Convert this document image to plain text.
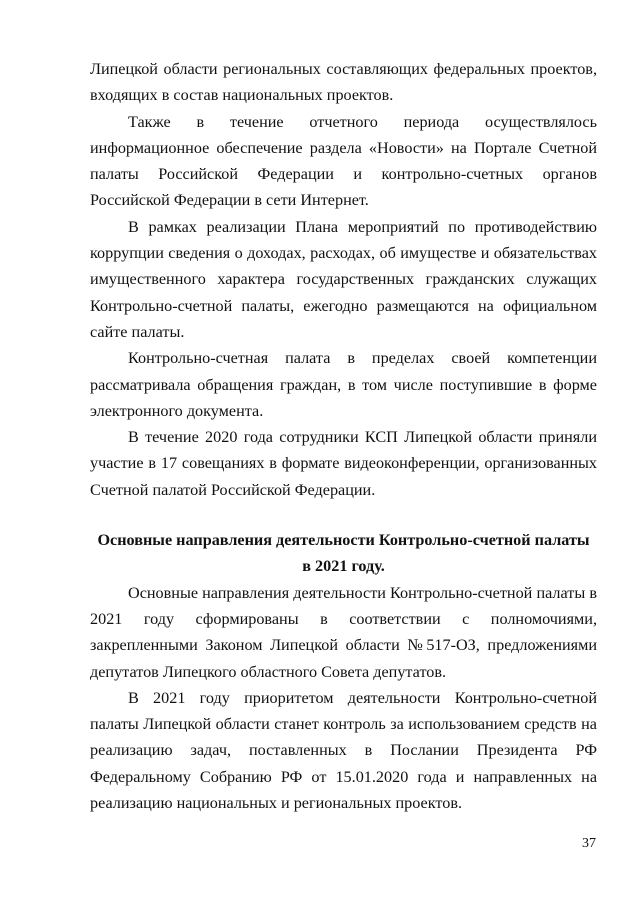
Липецкой области региональных составляющих федеральных проектов, входящих в состав национальных проектов.

Также в течение отчетного периода осуществлялось информационное обеспечение раздела «Новости» на Портале Счетной палаты Российской Федерации и контрольно-счетных органов Российской Федерации в сети Интернет.

В рамках реализации Плана мероприятий по противодействию коррупции сведения о доходах, расходах, об имуществе и обязательствах имущественного характера государственных гражданских служащих Контрольно-счетной палаты, ежегодно размещаются на официальном сайте палаты.

Контрольно-счетная палата в пределах своей компетенции рассматривала обращения граждан, в том числе поступившие в форме электронного документа.

В течение 2020 года сотрудники КСП Липецкой области приняли участие в 17 совещаниях в формате видеоконференции, организованных Счетной палатой Российской Федерации.

Основные направления деятельности Контрольно-счетной палаты
в 2021 году.

Основные направления деятельности Контрольно-счетной палаты в 2021 году сформированы в соответствии с полномочиями, закрепленными Законом Липецкой области №517-ОЗ, предложениями депутатов Липецкого областного Совета депутатов.

В 2021 году приоритетом деятельности Контрольно-счетной палаты Липецкой области станет контроль за использованием средств на реализацию задач, поставленных в Послании Президента РФ Федеральному Собранию РФ от 15.01.2020 года и направленных на реализацию национальных и региональных проектов.

37
